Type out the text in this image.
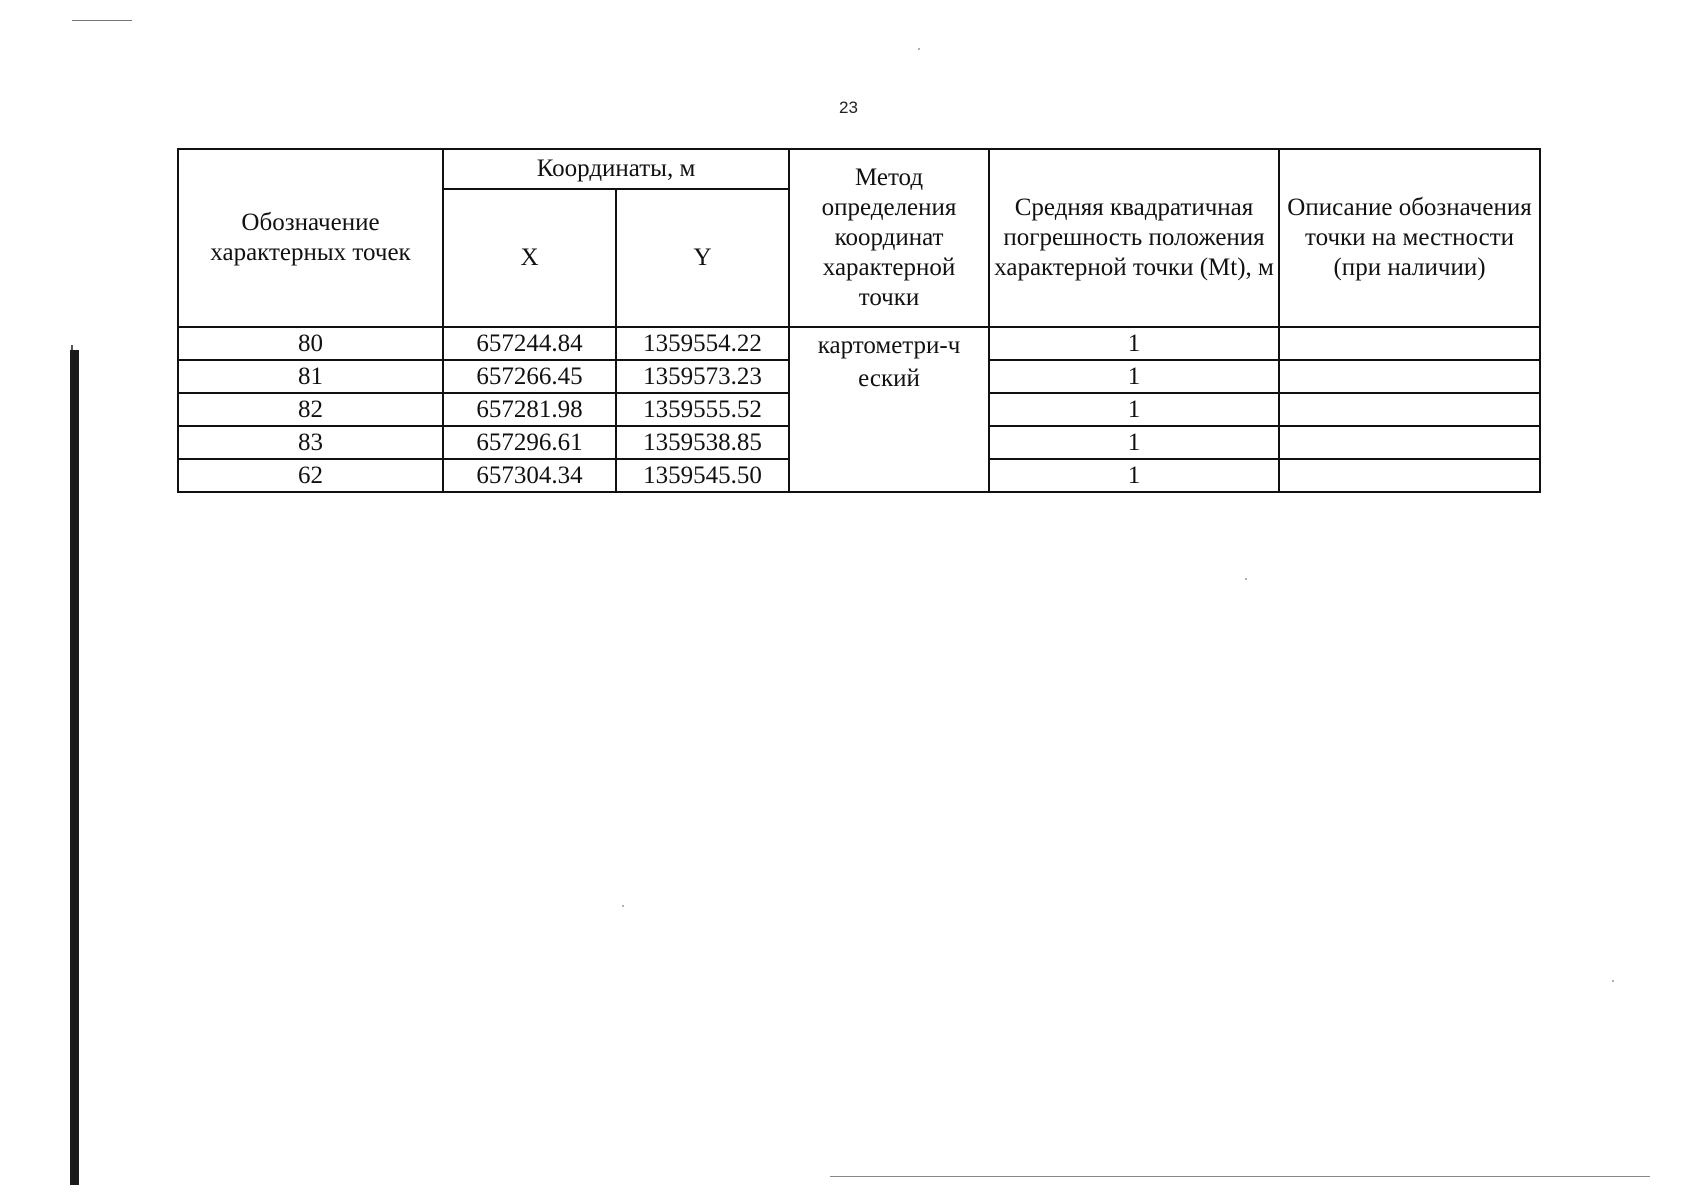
23
Обозначение характерных точек	Координаты, м		Метод определения координат характерной точки	Средняя квадратичная погрешность положения характерной точки (Mt), м	Описание обозначения точки на местности (при наличии)
	X	Y			
80	657244.84	1359554.22	картометри-ческий	1	
81	657266.45	1359573.23		1	
82	657281.98	1359555.52		1	
83	657296.61	1359538.85		1	
62	657304.34	1359545.50		1	
